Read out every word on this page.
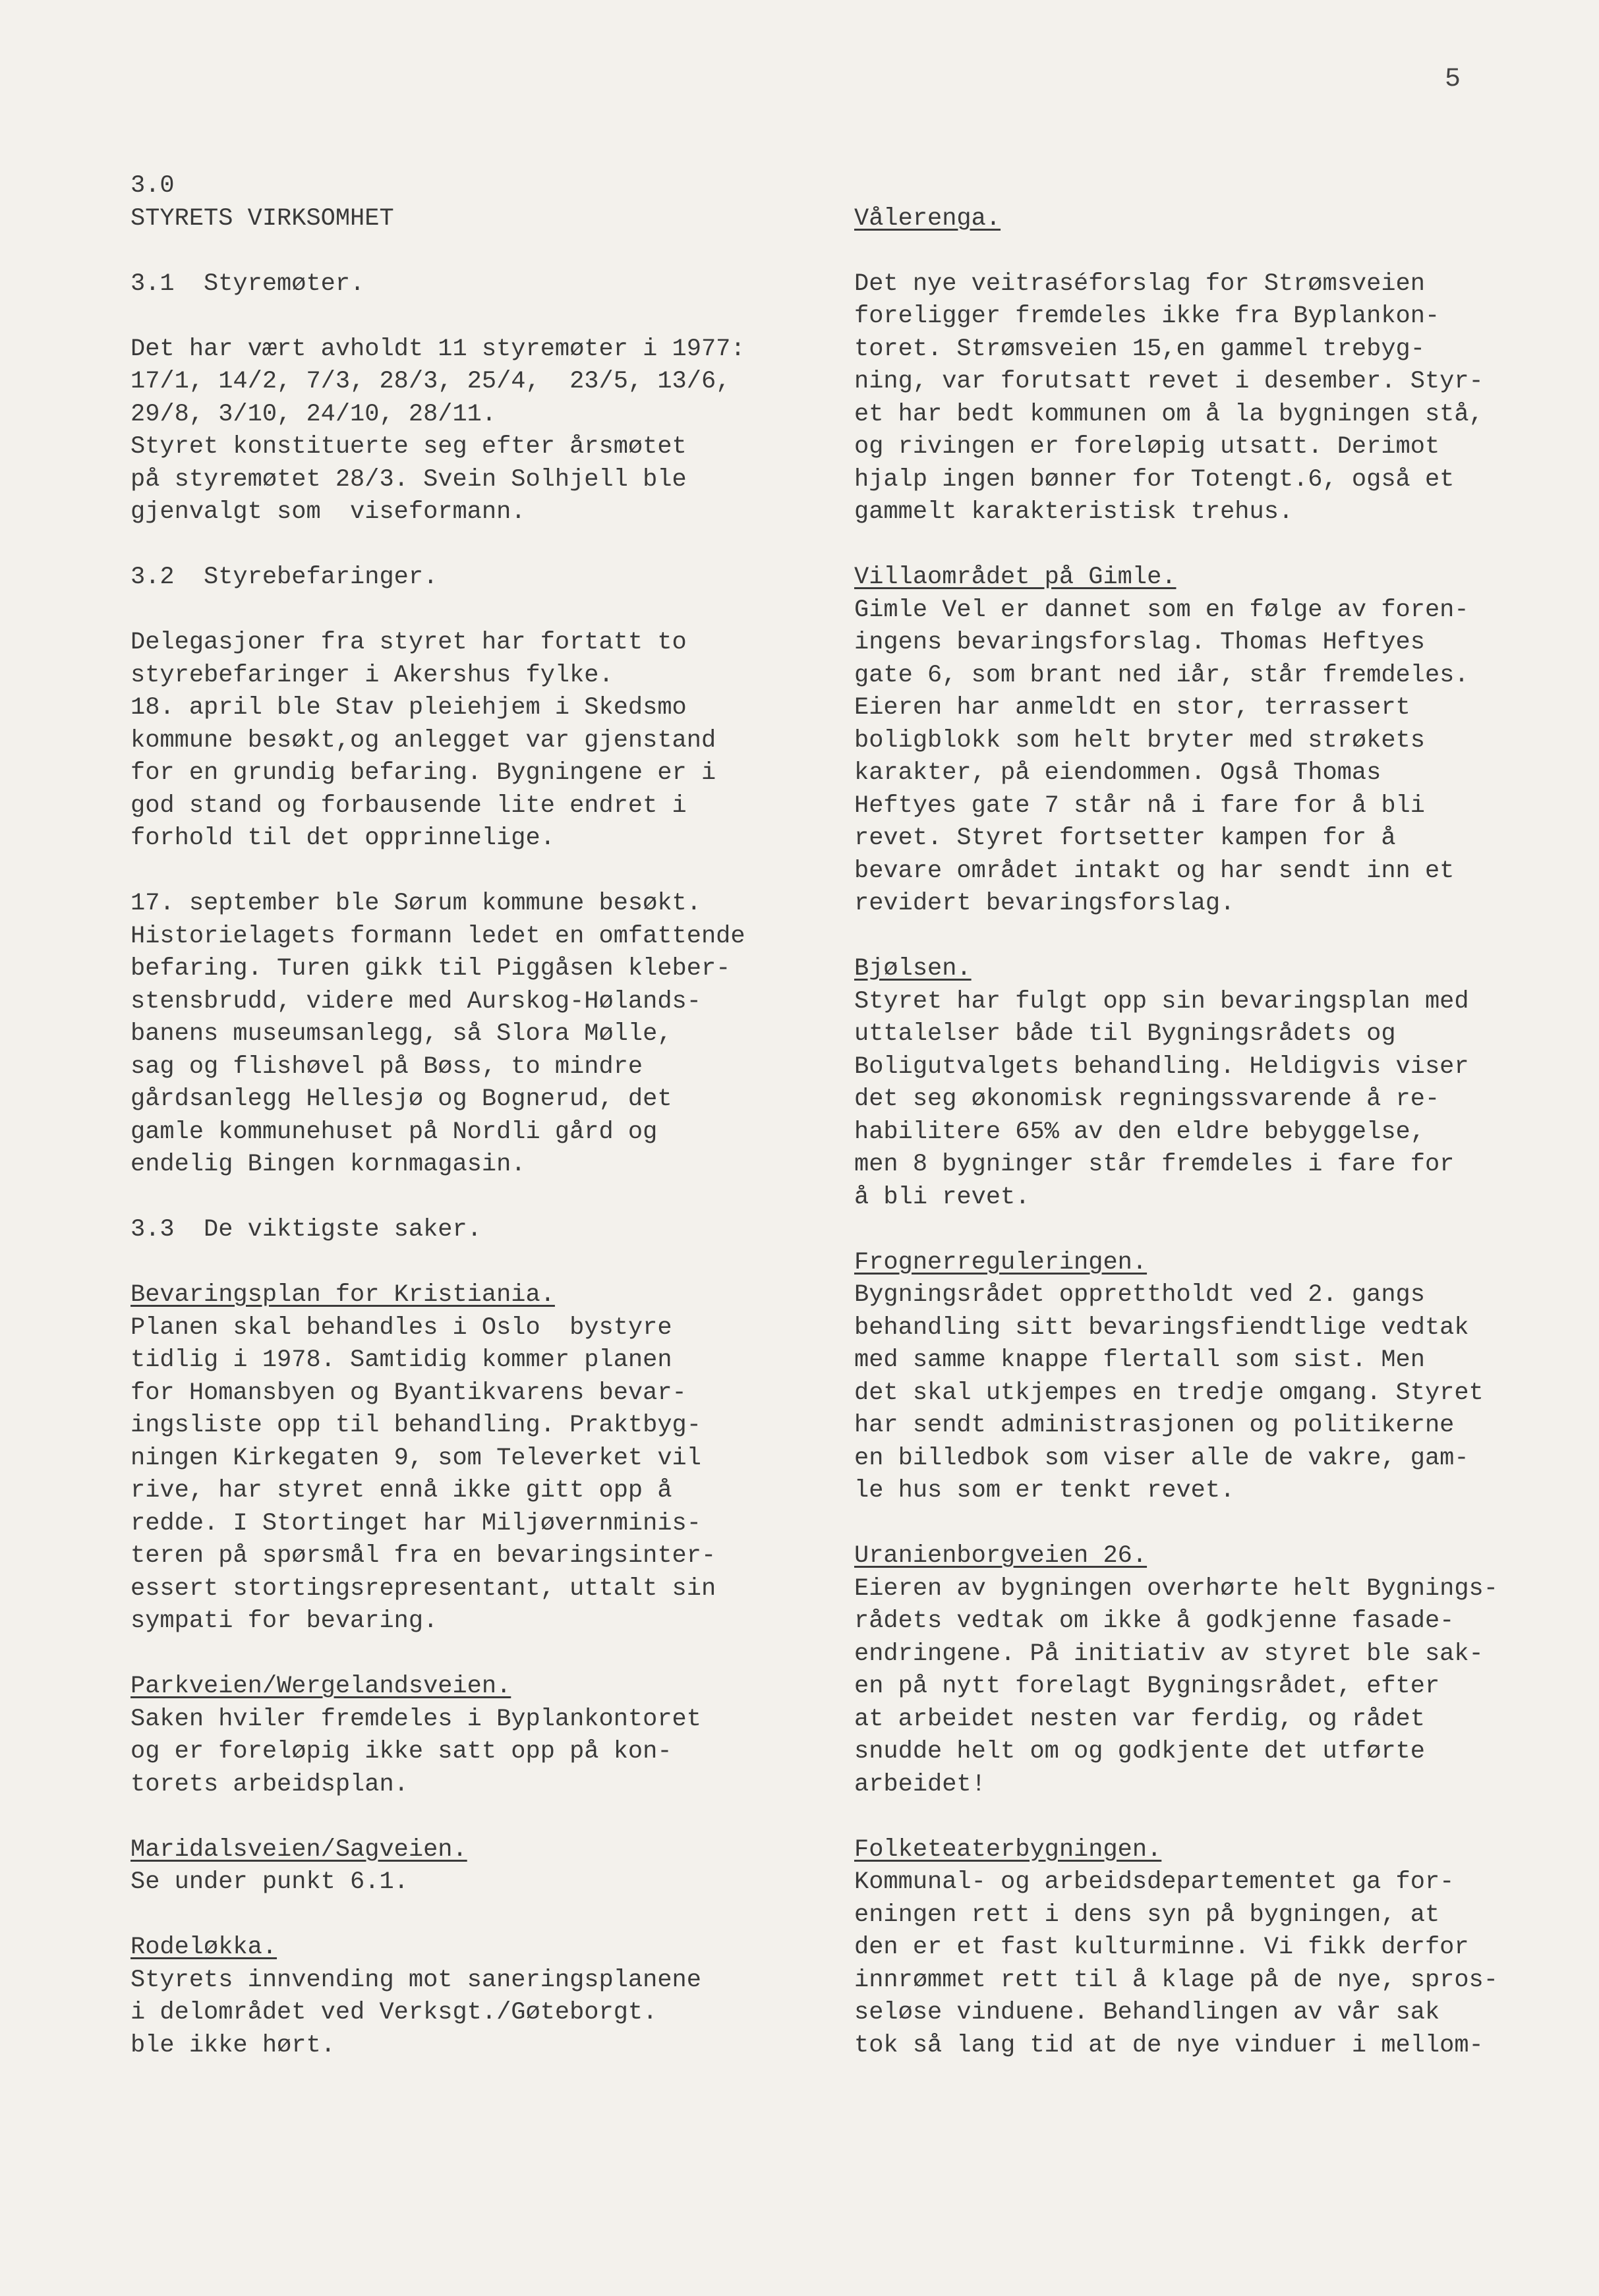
5
3.0
STYRETS VIRKSOMHET
3.1  Styremøter.
Det har vært avholdt 11 styremøter i 1977:
17/1, 14/2, 7/3, 28/3, 25/4,  23/5, 13/6,
29/8, 3/10, 24/10, 28/11.
Styret konstituerte seg efter årsmøtet
på styremøtet 28/3. Svein Solhjell ble
gjenvalgt som  viseformann.
3.2  Styrebefaringer.
Delegasjoner fra styret har fortatt to
styrebefaringer i Akershus fylke.
18. april ble Stav pleiehjem i Skedsmo
kommune besøkt,og anlegget var gjenstand
for en grundig befaring. Bygningene er i
god stand og forbausende lite endret i
forhold til det opprinnelige.
17. september ble Sørum kommune besøkt.
Historielagets formann ledet en omfattende
befaring. Turen gikk til Piggåsen kleber-
stensbrudd, videre med Aurskog-Hølands-
banens museumsanlegg, så Slora Mølle,
sag og flishøvel på Bøss, to mindre
gårdsanlegg Hellesjø og Bognerud, det
gamle kommunehuset på Nordli gård og
endelig Bingen kornmagasin.
3.3  De viktigste saker.
Bevaringsplan for Kristiania.
Planen skal behandles i Oslo  bystyre
tidlig i 1978. Samtidig kommer planen
for Homansbyen og Byantikvarens bevar-
ingsliste opp til behandling. Praktbyg-
ningen Kirkegaten 9, som Televerket vil
rive, har styret ennå ikke gitt opp å
redde. I Stortinget har Miljøvernminis-
teren på spørsmål fra en bevaringsinter-
essert stortingsrepresentant, uttalt sin
sympati for bevaring.
Parkveien/Wergelandsveien.
Saken hviler fremdeles i Byplankontoret
og er foreløpig ikke satt opp på kon-
torets arbeidsplan.
Maridalsveien/Sagveien.
Se under punkt 6.1.
Rodeløkka.
Styrets innvending mot saneringsplanene
i delområdet ved Verksgt./Gøteborgt.
ble ikke hørt.
Vålerenga.
Det nye veitraséforslag for Strømsveien
foreligger fremdeles ikke fra Byplankon-
toret. Strømsveien 15,en gammel trebyg-
ning, var forutsatt revet i desember. Styr-
et har bedt kommunen om å la bygningen stå,
og rivingen er foreløpig utsatt. Derimot
hjalp ingen bønner for Totengt.6, også et
gammelt karakteristisk trehus.
Villaområdet på Gimle.
Gimle Vel er dannet som en følge av foren-
ingens bevaringsforslag. Thomas Heftyes
gate 6, som brant ned iår, står fremdeles.
Eieren har anmeldt en stor, terrassert
boligblokk som helt bryter med strøkets
karakter, på eiendommen. Også Thomas
Heftyes gate 7 står nå i fare for å bli
revet. Styret fortsetter kampen for å
bevare området intakt og har sendt inn et
revidert bevaringsforslag.
Bjølsen.
Styret har fulgt opp sin bevaringsplan med
uttalelser både til Bygningsrådets og
Boligutvalgets behandling. Heldigvis viser
det seg økonomisk regningssvarende å re-
habilitere 65% av den eldre bebyggelse,
men 8 bygninger står fremdeles i fare for
å bli revet.
Frognerreguleringen.
Bygningsrådet opprettholdt ved 2. gangs
behandling sitt bevaringsfiendtlige vedtak
med samme knappe flertall som sist. Men
det skal utkjempes en tredje omgang. Styret
har sendt administrasjonen og politikerne
en billedbok som viser alle de vakre, gam-
le hus som er tenkt revet.
Uranienborgveien 26.
Eieren av bygningen overhørte helt Bygnings-
rådets vedtak om ikke å godkjenne fasade-
endringene. På initiativ av styret ble sak-
en på nytt forelagt Bygningsrådet, efter
at arbeidet nesten var ferdig, og rådet
snudde helt om og godkjente det utførte
arbeidet!
Folketeaterbygningen.
Kommunal- og arbeidsdepartementet ga for-
eningen rett i dens syn på bygningen, at
den er et fast kulturminne. Vi fikk derfor
innrømmet rett til å klage på de nye, spros-
seløse vinduene. Behandlingen av vår sak
tok så lang tid at de nye vinduer i mellom-
